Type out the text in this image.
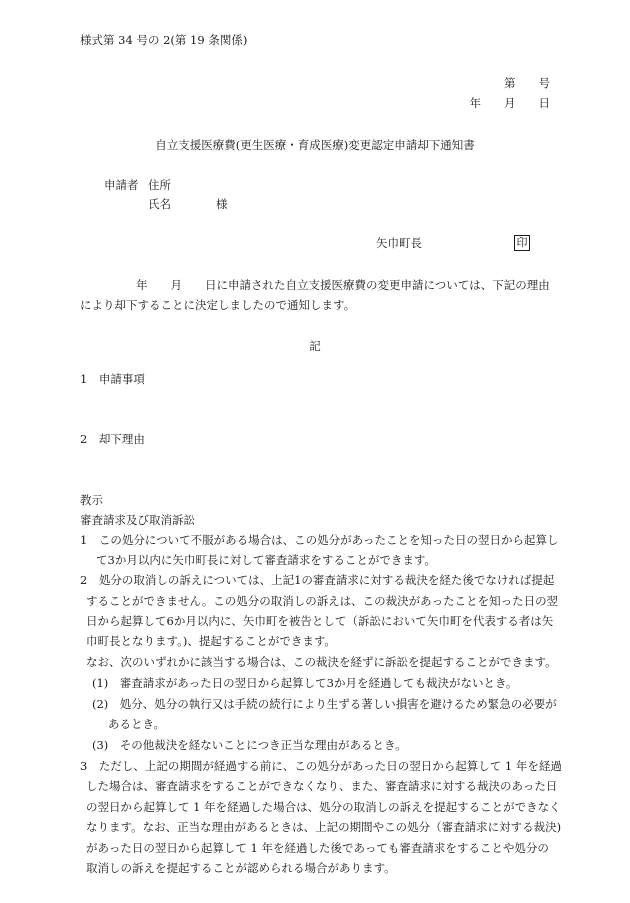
様式第 34 号の 2(第 19 条関係)
第　　号
年　　月　　日
自立支援医療費(更生医療・育成医療)変更認定申請却下通知書
申請者 住所
氏名	様
矢巾町長	印
年　　月　　日に申請された自立支援医療費の変更申請については、下記の理由
により却下することに決定しましたので通知します。
記
1　申請事項
2　却下理由
教示
審査請求及び取消訴訟
1　この処分について不服がある場合は、この処分があったことを知った日の翌日から起算し
て3か月以内に矢巾町長に対して審査請求をすることができます。
2　処分の取消しの訴えについては、上記1の審査請求に対する裁決を経た後でなければ提起
することができません。この処分の取消しの訴えは、この裁決があったことを知った日の翌
日から起算して6か月以内に、矢巾町を被告として（訴訟において矢巾町を代表する者は矢
巾町長となります。)、提起することができます。
なお、次のいずれかに該当する場合は、この裁決を経ずに訴訟を提起することができます。
(1)　審査請求があった日の翌日から起算して3か月を経過しても裁決がないとき。
(2)　処分、処分の執行又は手続の続行により生ずる著しい損害を避けるため緊急の必要が
あるとき。
(3)　その他裁決を経ないことにつき正当な理由があるとき。
3　ただし、上記の期間が経過する前に、この処分があった日の翌日から起算して 1 年を経過
した場合は、審査請求をすることができなくなり、また、審査請求に対する裁決のあった日
の翌日から起算して 1 年を経過した場合は、処分の取消しの訴えを提起することができなく
なります。なお、正当な理由があるときは、上記の期間やこの処分（審査請求に対する裁決)
があった日の翌日から起算して 1 年を経過した後であっても審査請求をすることや処分の
取消しの訴えを提起することが認められる場合があります。
